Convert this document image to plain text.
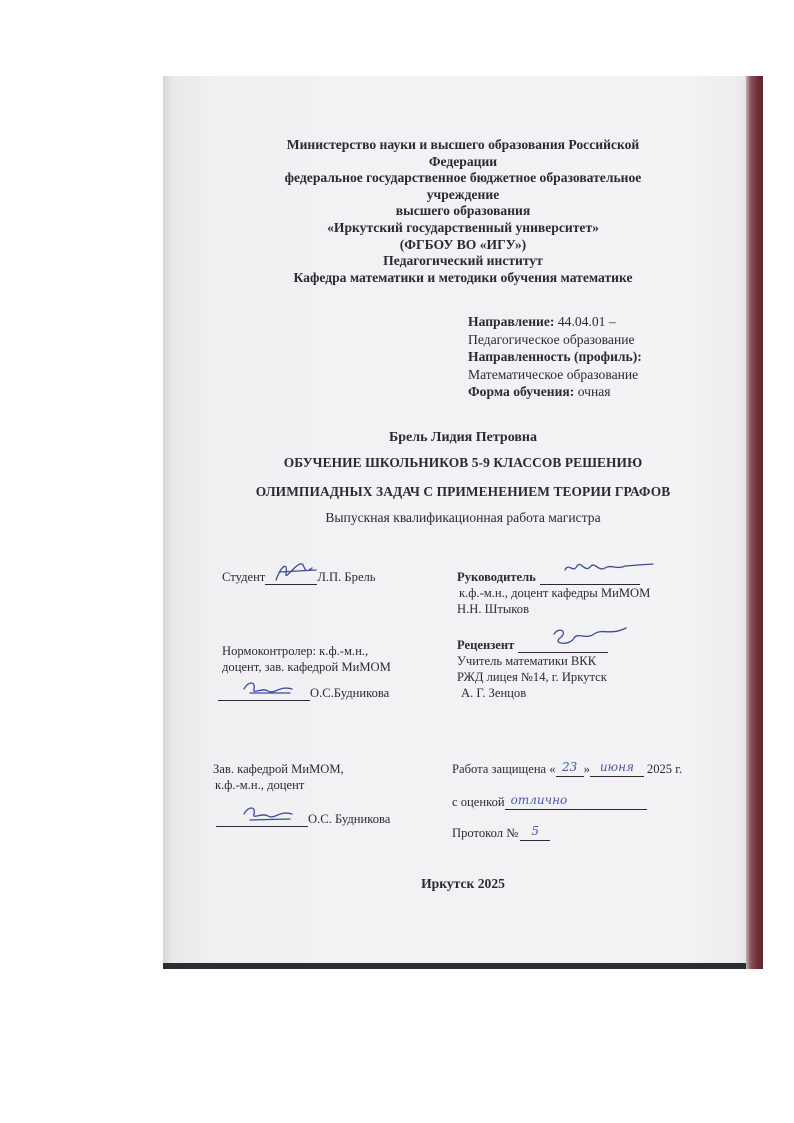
Министерство науки и высшего образования Российской
Федерации
федеральное государственное бюджетное образовательное
учреждение
высшего образования
«Иркутский государственный университет»
(ФГБОУ ВО «ИГУ»)
Педагогический институт
Кафедра математики и методики обучения математике
Направление: 44.04.01 –
Педагогическое образование
Направленность (профиль):
Математическое образование
Форма обучения: очная
Брель Лидия Петровна
ОБУЧЕНИЕ ШКОЛЬНИКОВ 5-9 КЛАССОВ РЕШЕНИЮ
ОЛИМПИАДНЫХ ЗАДАЧ С ПРИМЕНЕНИЕМ ТЕОРИИ ГРАФОВ
Выпускная квалификационная работа магистра
Студент	Л.П. Брель	Руководитель
к.ф.-м.н., доцент кафедры МиМОМ
Н.Н. Штыков
Нормоконтролер: к.ф.-м.н.,
доцент, зав. кафедрой МиМОМ
О.С.Будникова
Рецензент
Учитель математики ВКК
РЖД лицея №14, г. Иркутск
А. Г. Зенцов
Зав. кафедрой МиМОМ,
к.ф.-м.н., доцент
О.С. Будникова
Работа защищена « 23 » июня	2025 г.
с оценкой отлично
Протокол №	5
Иркутск 2025
